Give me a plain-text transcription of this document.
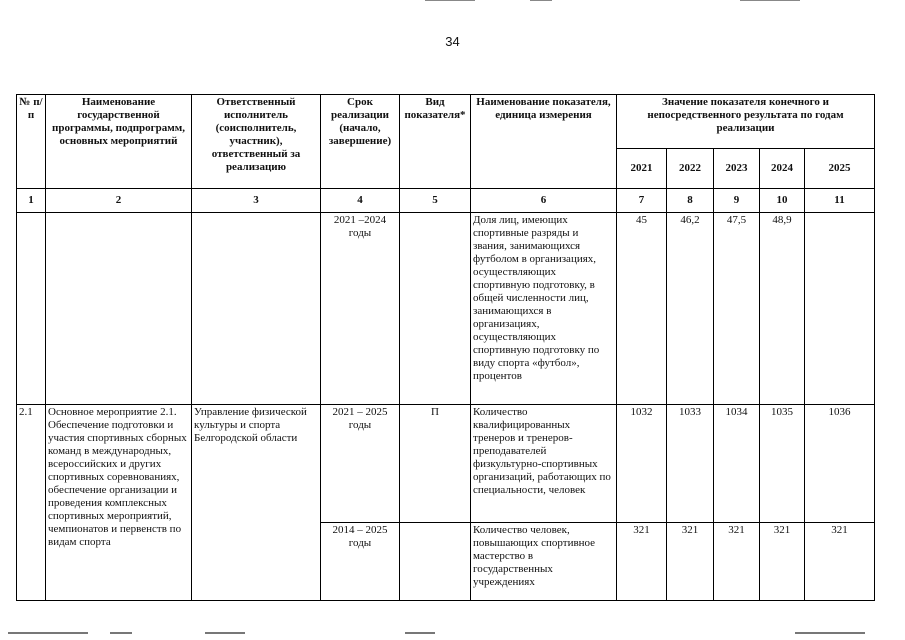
34
№ п/п	Наименование государственной программы, подпрограмм, основных мероприятий	Ответственный исполнитель (соисполнитель, участник), ответственный за реализацию	Срок реализации (начало, завершение)	Вид показателя*	Наименование показателя, единица измерения	Значение показателя конечного и непосредственного результата по годам реализации				
						2021	2022	2023	2024	2025
1	2	3	4	5	6	7	8	9	10	11
			2021 –2024 годы		Доля лиц, имеющих спортивные разряды и звания, занимающихся футболом в организациях, осуществляющих спортивную подготовку, в общей численности лиц, занимающихся в организациях, осуществляющих спортивную подготовку по виду спорта «футбол», процентов	45	46,2	47,5	48,9	
2.1	Основное мероприятие 2.1. Обеспечение подготовки и участия спортивных сборных команд в международных, всероссийских и других спортивных соревнованиях, обеспечение организации и проведения комплексных спортивных мероприятий, чемпионатов и первенств по видам спорта	Управление физической культуры и спорта Белгородской области	2021 – 2025 годы	П	Количество квалифицированных тренеров и тренеров-преподавателей физкультурно-спортивных организаций, работающих по специальности, человек	1032	1033	1034	1035	1036
			2014 – 2025 годы		Количество человек, повышающих спортивное мастерство в государственных учреждениях	321	321	321	321	321
